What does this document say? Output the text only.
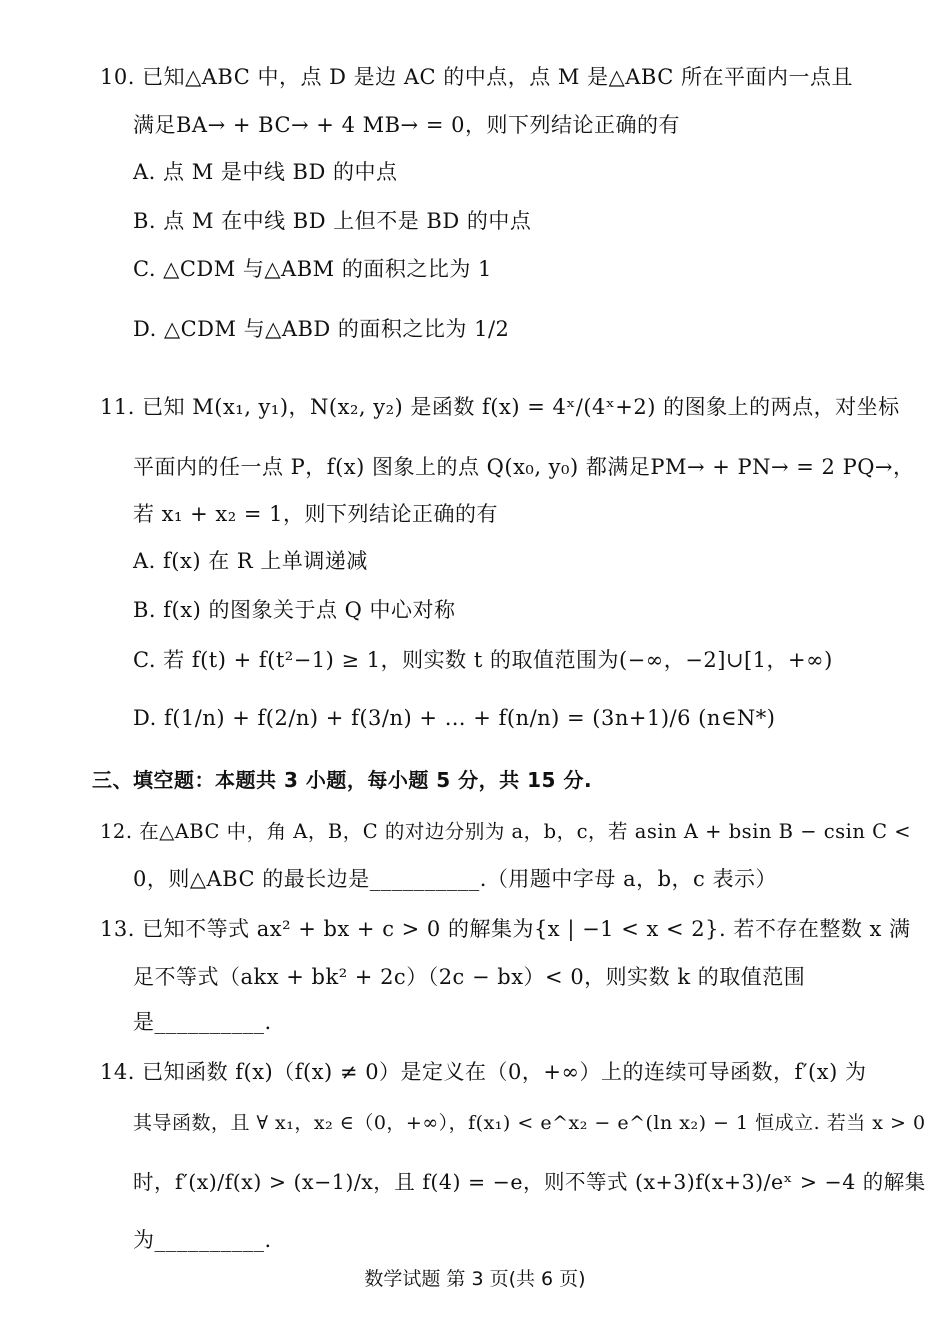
10. 已知△ABC 中，点 D 是边 AC 的中点，点 M 是△ABC 所在平面内一点且
满足BA→ + BC→ + 4 MB→ = 0，则下列结论正确的有
A. 点 M 是中线 BD 的中点
B. 点 M 在中线 BD 上但不是 BD 的中点
C. △CDM 与△ABM 的面积之比为 1
D. △CDM 与△ABD 的面积之比为 1/2
11. 已知 M(x₁, y₁)，N(x₂, y₂) 是函数 f(x) = 4ˣ/(4ˣ+2) 的图象上的两点，对坐标
平面内的任一点 P，f(x) 图象上的点 Q(x₀, y₀) 都满足PM→ + PN→ = 2 PQ→，
若 x₁ + x₂ = 1，则下列结论正确的有
A. f(x) 在 R 上单调递减
B. f(x) 的图象关于点 Q 中心对称
C. 若 f(t) + f(t²−1) ≥ 1，则实数 t 的取值范围为(−∞，−2]∪[1，+∞)
D. f(1/n) + f(2/n) + f(3/n) + … + f(n/n) = (3n+1)/6 (n∈N*)
三、填空题：本题共 3 小题，每小题 5 分，共 15 分.
12. 在△ABC 中，角 A，B，C 的对边分别为 a，b，c，若 asin A + bsin B − csin C <
0，则△ABC 的最长边是__________.（用题中字母 a，b，c 表示）
13. 已知不等式 ax² + bx + c > 0 的解集为{x | −1 < x < 2}. 若不存在整数 x 满
足不等式（akx + bk² + 2c）（2c − bx）< 0，则实数 k 的取值范围
是__________.
14. 已知函数 f(x)（f(x) ≠ 0）是定义在（0，+∞）上的连续可导函数，f′(x) 为
其导函数，且 ∀ x₁，x₂ ∈（0，+∞），f(x₁) < e^x₂ − e^(ln x₂) − 1 恒成立. 若当 x > 0
时，f′(x)/f(x) > (x−1)/x，且 f(4) = −e，则不等式 (x+3)f(x+3)/eˣ > −4 的解集
为__________.
数学试题 第 3 页(共 6 页)
